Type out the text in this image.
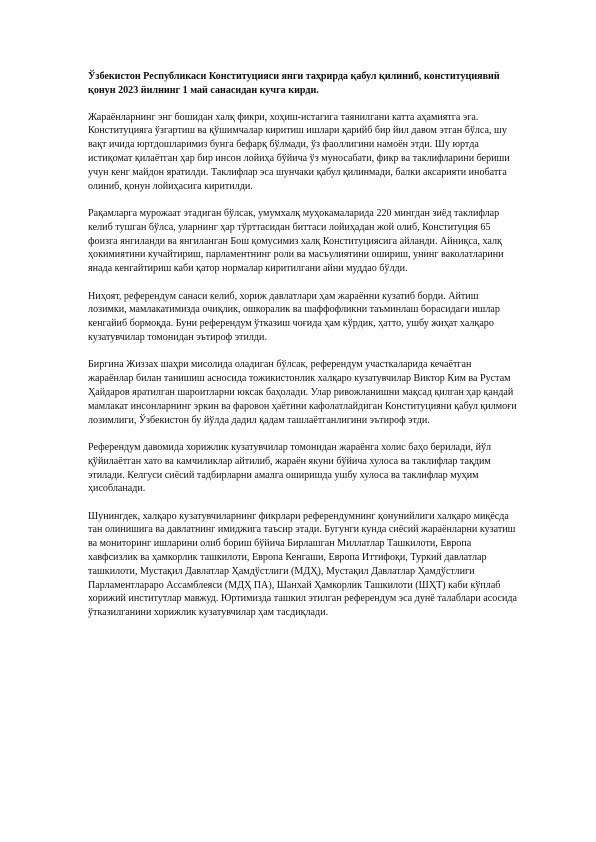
Ўзбекистон Республикаси Конституцияси янги таҳрирда қабул қилиниб, конституциявий қонун 2023 йилнинг 1 май санасидан кучга кирди.
Жараёнларнинг энг бошидан халқ фикри, хоҳиш-истагига таянилгани катта аҳамиятга эга. Конституцияга ўзгартиш ва қўшимчалар киритиш ишлари қарийб бир йил давом этган бўлса, шу вақт ичида юртдошларимиз бунга бефарқ бўлмади, ўз фаоллигини намоён этди. Шу юртда истиқомат қилаётган ҳар бир инсон лойиҳа бўйича ўз муносабати, фикр ва таклифларини бериши учун кенг майдон яратилди. Таклифлар эса шунчаки қабул қилинмади, балки аксарияти инобатга олиниб, қонун лойиҳасига киритилди.
Рақамларга мурожаат этадиган бўлсак, умумхалқ муҳокамаларида 220 мингдан зиёд таклифлар келиб тушган бўлса, уларнинг ҳар тўрттасидан биттаси лойиҳадан жой олиб, Конституция 65 фоизга янгиланди ва янгиланган Бош қомусимиз халқ Конституциясига айланди. Айниқса, халқ ҳокимиятини кучайтириш, парламентнинг роли ва масъулиятини ошириш, унинг ваколатларини янада кенгайтириш каби қатор нормалар киритилгани айни муддао бўлди.
Ниҳоят, референдум санаси келиб, хориж давлатлари ҳам жараённи кузатиб борди. Айтиш лозимки, мамлакатимизда очиқлик, ошкоралик ва шаффофликни таъминлаш борасидаги ишлар кенгайиб бормоқда. Буни референдум ўтказиш чоғида ҳам кўрдик, ҳатто, ушбу жиҳат халқаро кузатувчилар томонидан эътироф этилди.
Биргина Жиззах шаҳри мисолида оладиган бўлсак, референдум участкаларида кечаётган жараёнлар билан танишиш асносида тожикистонлик халқаро кузатувчилар Виктор Ким ва Рустам Ҳайдаров яратилган шароитларни юксак баҳолади. Улар ривожланишни мақсад қилган ҳар қандай мамлакат инсонларнинг эркин ва фаровон ҳаётини кафолатлайдиган Конституцияни қабул қилмоғи лозимлиги, Ўзбекистон бу йўлда дадил қадам ташлаётганлигини эътироф этди.
Референдум давомида хорижлик кузатувчилар томонидан жараёнга холис баҳо берилади, йўл қўйилаётган хато ва камчиликлар айтилиб, жараён якуни бўйича хулоса ва таклифлар тақдим этилади. Келгуси сиёсий тадбирларни амалга оширишда ушбу хулоса ва таклифлар муҳим ҳисобланади.
Шунингдек, халқаро кузатувчиларнинг фикрлари референдумнинг қонунийлиги халқаро миқёсда тан олинишига ва давлатнинг имиджига таъсир этади. Бугунги кунда сиёсий жараёнларни кузатиш ва мониторинг ишларини олиб бориш бўйича Бирлашган Миллатлар Ташкилоти, Европа хавфсизлик ва ҳамкорлик ташкилоти, Европа Кенгаши, Европа Иттифоқи, Туркий давлатлар ташкилоти, Мустақил Давлатлар Ҳамдўстлиги (МДҲ), Мустақил Давлатлар Ҳамдўстлиги Парламентлараро Ассамблеяси (МДҲ ПА), Шанхай Ҳамкорлик Ташкилоти (ШҲТ) каби кўплаб хорижий институтлар мавжуд. Юртимизда ташкил этилган референдум эса дунё талаблари асосида ўтказилганини хорижлик кузатувчилар ҳам тасдиқлади.
